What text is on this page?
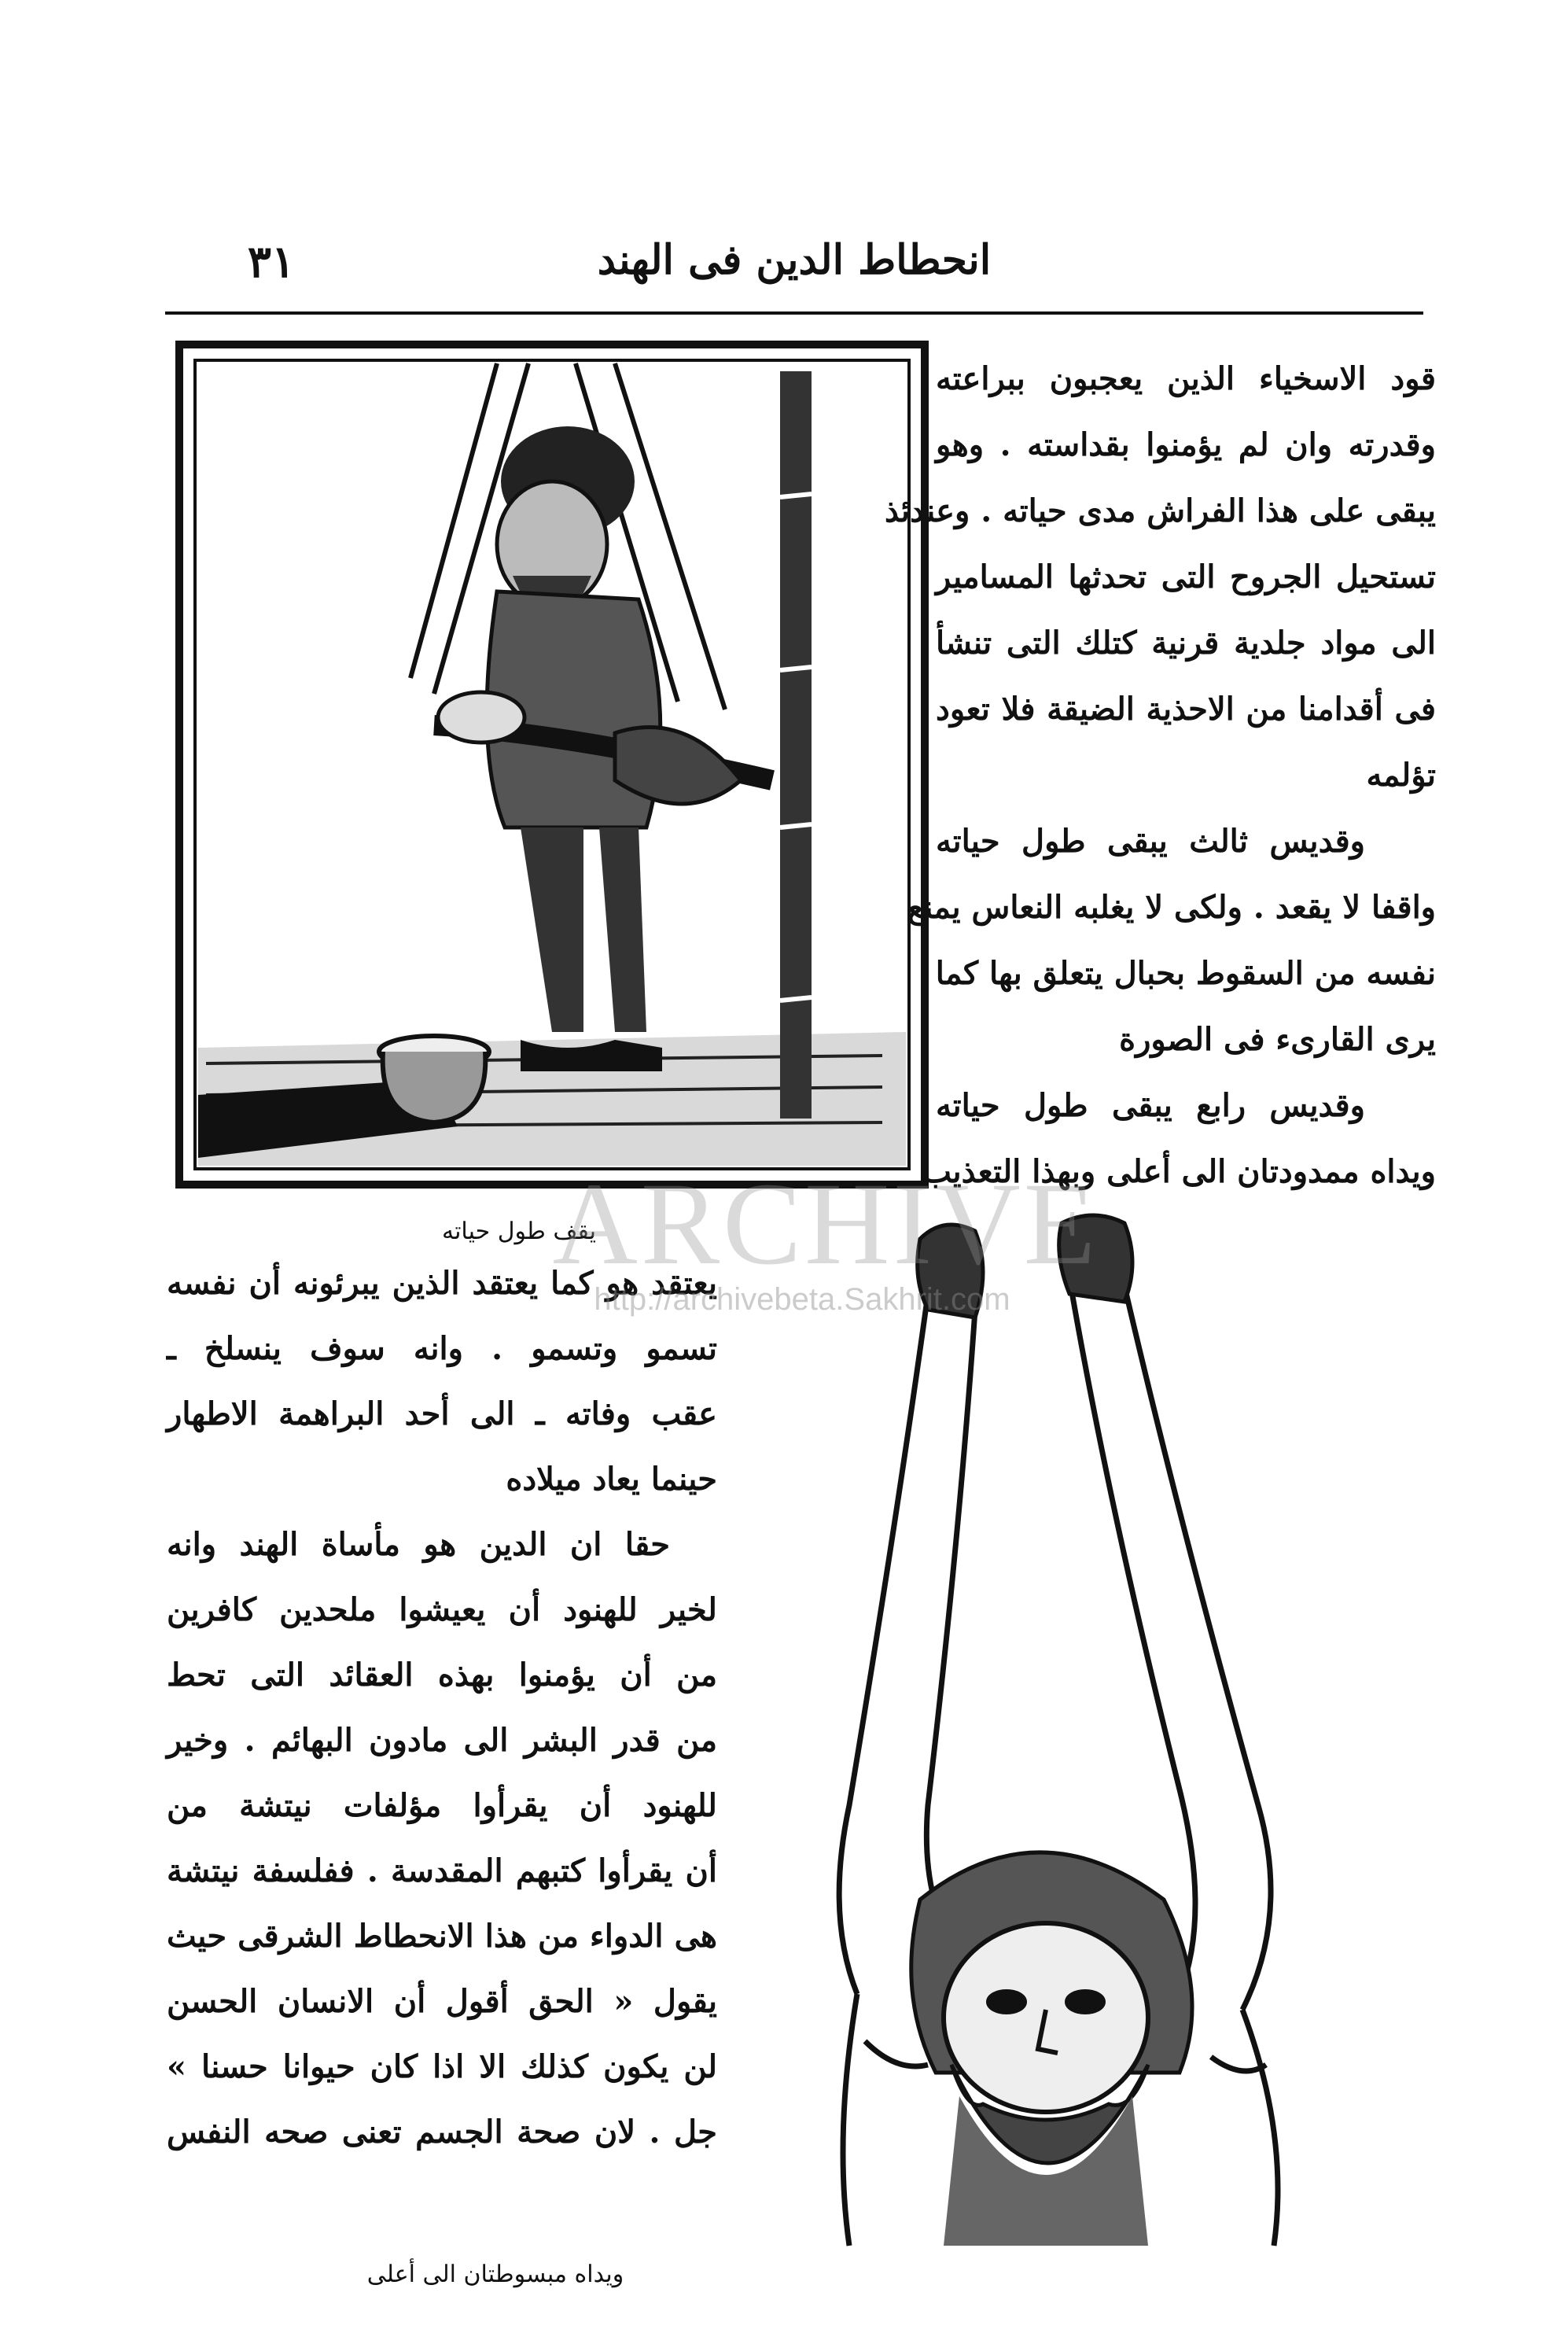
انحطاط الدين فى الهند
٣١
قود الاسخياء الذين يعجبون ببراعته
وقدرته وان لم يؤمنوا بقداسته . وهو
يبقى على هذا الفراش مدى حياته . وعندئذ
تستحيل الجروح التى تحدثها المسامير
الى مواد جلدية قرنية كتلك التى تنشأ
فى أقدامنا من الاحذية الضيقة فلا تعود
تؤلمه
وقديس ثالث يبقى طول حياته
واقفا لا يقعد . ولكى لا يغلبه النعاس يمنع
نفسه من السقوط بحبال يتعلق بها كما
يرى القارىء فى الصورة
وقديس رابع يبقى طول حياته
ويداه ممدودتان الى أعلى وبهذا التعذيب
يقف طول حياته
يعتقد هو كما يعتقد الذين يبرئونه أن نفسه
تسمو وتسمو . وانه سوف ينسلخ ـ
عقب وفاته ـ الى أحد البراهمة الاطهار
حينما يعاد ميلاده
حقا ان الدين هو مأساة الهند وانه
لخير للهنود أن يعيشوا ملحدين كافرين
من أن يؤمنوا بهذه العقائد التى تحط
من قدر البشر الى مادون البهائم . وخير
للهنود أن يقرأوا مؤلفات نيتشة من
أن يقرأوا كتبهم المقدسة . ففلسفة نيتشة
هى الدواء من هذا الانحطاط الشرقى حيث
يقول « الحق أقول أن الانسان الحسن
لن يكون كذلك الا اذا كان حيوانا حسنا »
جل . لان صحة الجسم تعنى صحه النفس
ويداه مبسوطتان الى أعلى
ARCHIVE
http://archivebeta.Sakhrit.com
